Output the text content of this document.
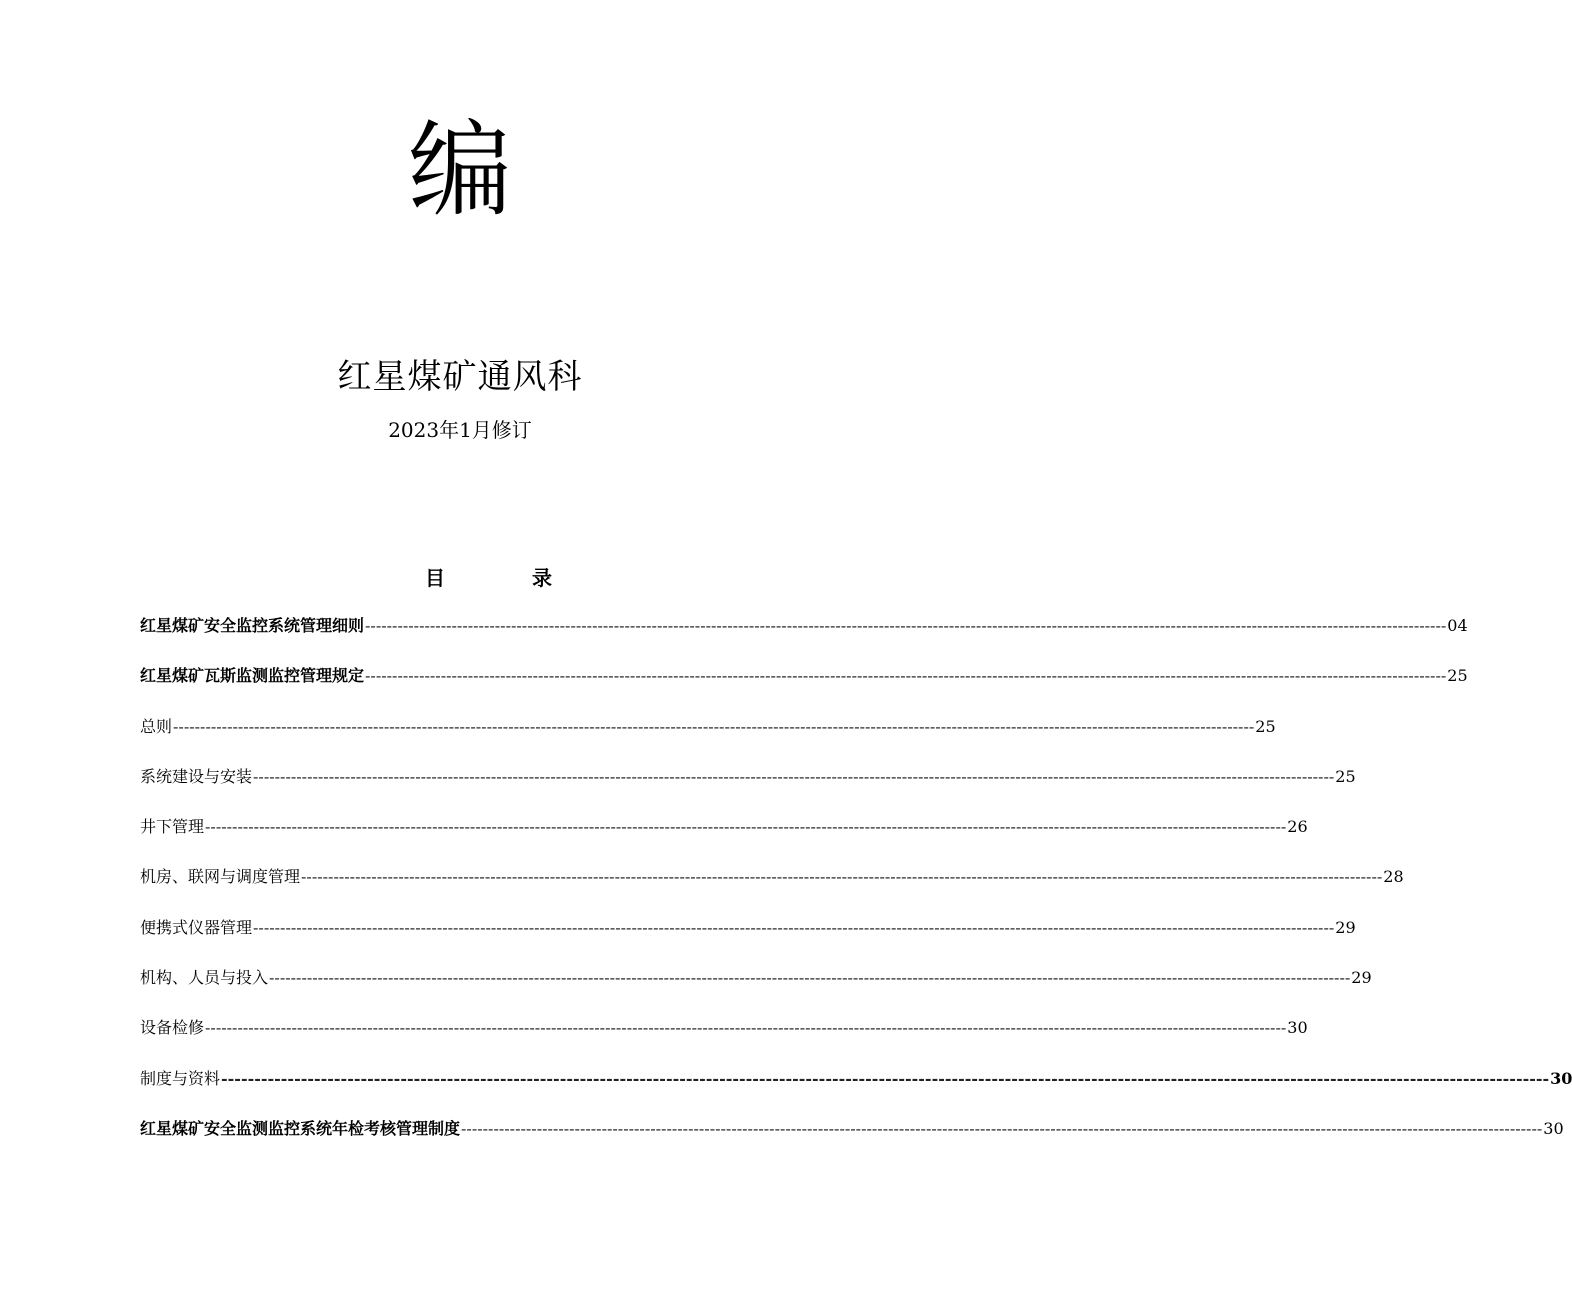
编
红星煤矿通风科
2023年1月修订
目	录
红星煤矿安全监控系统管理细则 -------------------------------------------------------------------------------------------------------------------------------------------------------------------------------------------------------- 04
红星煤矿瓦斯监测监控管理规定 -------------------------------------------------------------------------------------------------------------------------------------------------------------------------------------------------------- 25
总则 -------------------------------------------------------------------------------------------------------------------------------------------------------------------------------------------------------- 25
系统建设与安装 -------------------------------------------------------------------------------------------------------------------------------------------------------------------------------------------------------- 25
井下管理 -------------------------------------------------------------------------------------------------------------------------------------------------------------------------------------------------------- 26
机房、联网与调度管理 -------------------------------------------------------------------------------------------------------------------------------------------------------------------------------------------------------- 28
便携式仪器管理 -------------------------------------------------------------------------------------------------------------------------------------------------------------------------------------------------------- 29
机构、人员与投入 -------------------------------------------------------------------------------------------------------------------------------------------------------------------------------------------------------- 29
设备检修 -------------------------------------------------------------------------------------------------------------------------------------------------------------------------------------------------------- 30
制度与资料 -------------------------------------------------------------------------------------------------------------------------------------------------------------------------------------------------------- 30
红星煤矿安全监测监控系统年检考核管理制度 -------------------------------------------------------------------------------------------------------------------------------------------------------------------------------------------------------- 30
